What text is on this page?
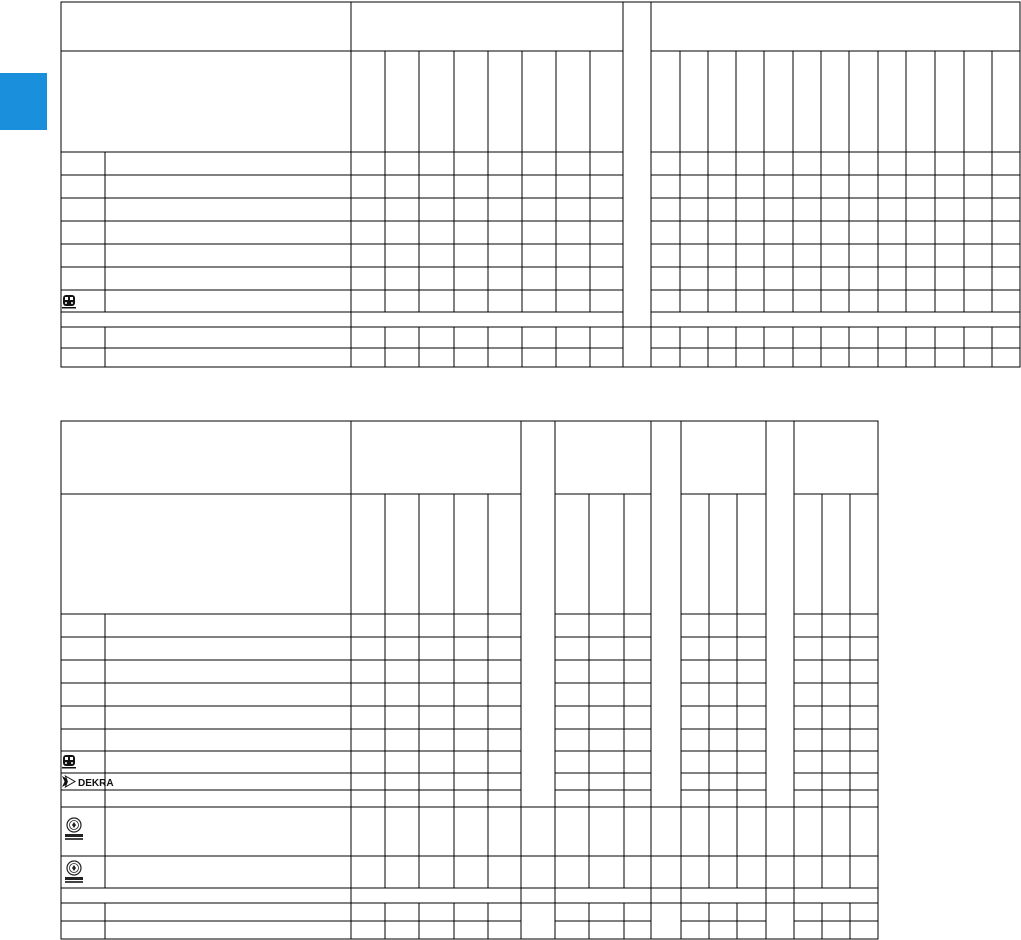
DEKRA
